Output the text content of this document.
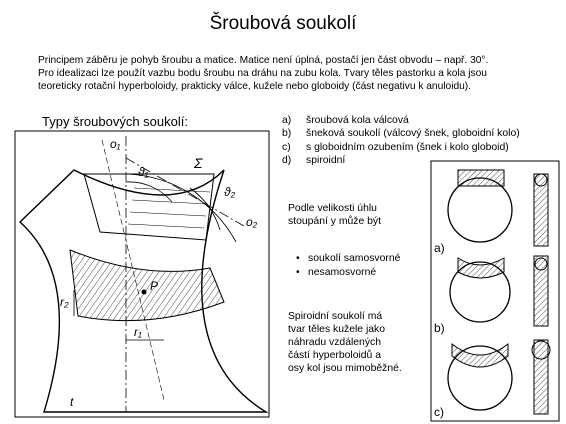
Šroubová soukolí

Principem záběru je pohyb šroubu a matice. Matice není úplná, postačí jen část obvodu – např. 30°.

Pro idealizaci lze použít vazbu bodu šroubu na dráhu na zubu kola. Tvary těles pastorku a kola jsou

teoreticky rotační hyperboloidy, prakticky válce, kužele nebo globoidy (část negativu k anuloidu).

Typy šroubových soukolí:	a)	šroubová kola válcová
b)	šneková soukolí (válcový šnek, globoidní kolo)
c)	s globoidním ozubením (šnek i kolo globoid)
d)	spiroidní
Podle velikosti úhlu
stoupání y může být
• soukolí samosvorné
• nesamosvorné
Spiroidní soukolí má
tvar těles kužele jako
náhradu vzdálených
částí hyperboloidů a
osy kol jsou mimoběžné.
o₁
o₂
ϑ₁
ϑ₂
Σ
r₁
r₂
P
t
a)
b)
c)
